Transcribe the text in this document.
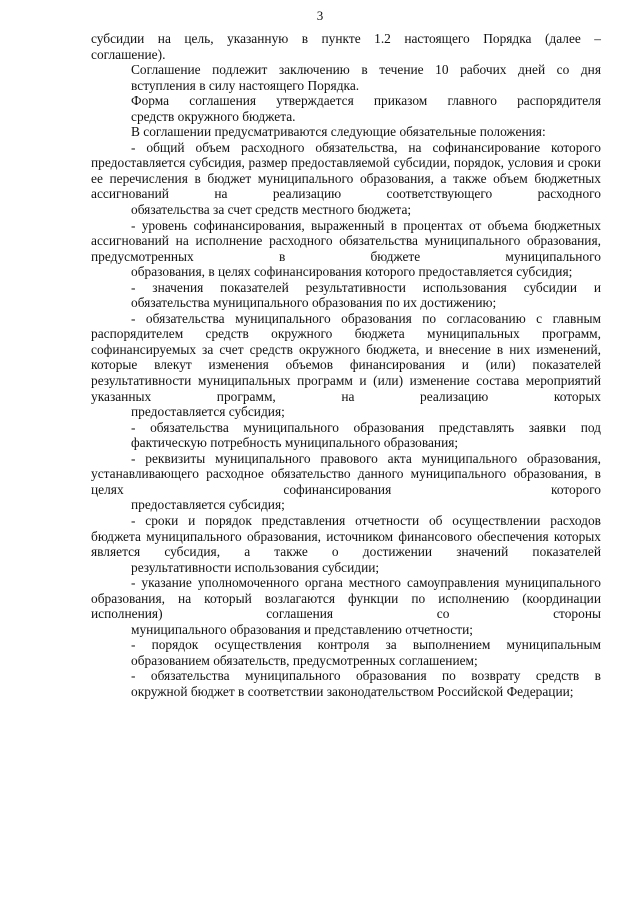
3

субсидии на цель, указанную в пункте 1.2 настоящего Порядка (далее –
соглашение).

Соглашение подлежит заключению в течение 10 рабочих дней со дня
вступления в силу настоящего Порядка.

Форма соглашения утверждается приказом главного распорядителя
средств окружного бюджета.

В соглашении предусматриваются следующие обязательные положения:

- общий объем расходного обязательства, на софинансирование которого предоставляется субсидия, размер предоставляемой субсидии, порядок, условия и сроки ее перечисления в бюджет муниципального образования, а также объем бюджетных ассигнований на реализацию соответствующего расходного
обязательства за счет средств местного бюджета;

- уровень софинансирования, выраженный в процентах от объема бюджетных ассигнований на исполнение расходного обязательства муниципального образования, предусмотренных в бюджете муниципального
образования, в целях софинансирования которого предоставляется субсидия;

- значения показателей результативности использования субсидии и
обязательства муниципального образования по их достижению;

- обязательства муниципального образования по согласованию с главным распорядителем средств окружного бюджета муниципальных программ, софинансируемых за счет средств окружного бюджета, и внесение в них изменений, которые влекут изменения объемов финансирования и (или) показателей результативности муниципальных программ и (или) изменение состава мероприятий указанных программ, на реализацию которых
предоставляется субсидия;

- обязательства муниципального образования представлять заявки под
фактическую потребность муниципального образования;

- реквизиты муниципального правового акта муниципального образования, устанавливающего расходное обязательство данного муниципального образования, в целях софинансирования которого
предоставляется субсидия;

- сроки и порядок представления отчетности об осуществлении расходов бюджета муниципального образования, источником финансового обеспечения которых является субсидия, а также о достижении значений показателей
результативности использования субсидии;

- указание уполномоченного органа местного самоуправления муниципального образования, на который возлагаются функции по исполнению (координации исполнения) соглашения со стороны
муниципального образования и представлению отчетности;

- порядок осуществления контроля за выполнением муниципальным
образованием обязательств, предусмотренных соглашением;

- обязательства муниципального образования по возврату средств в
окружной бюджет в соответствии законодательством Российской Федерации;
